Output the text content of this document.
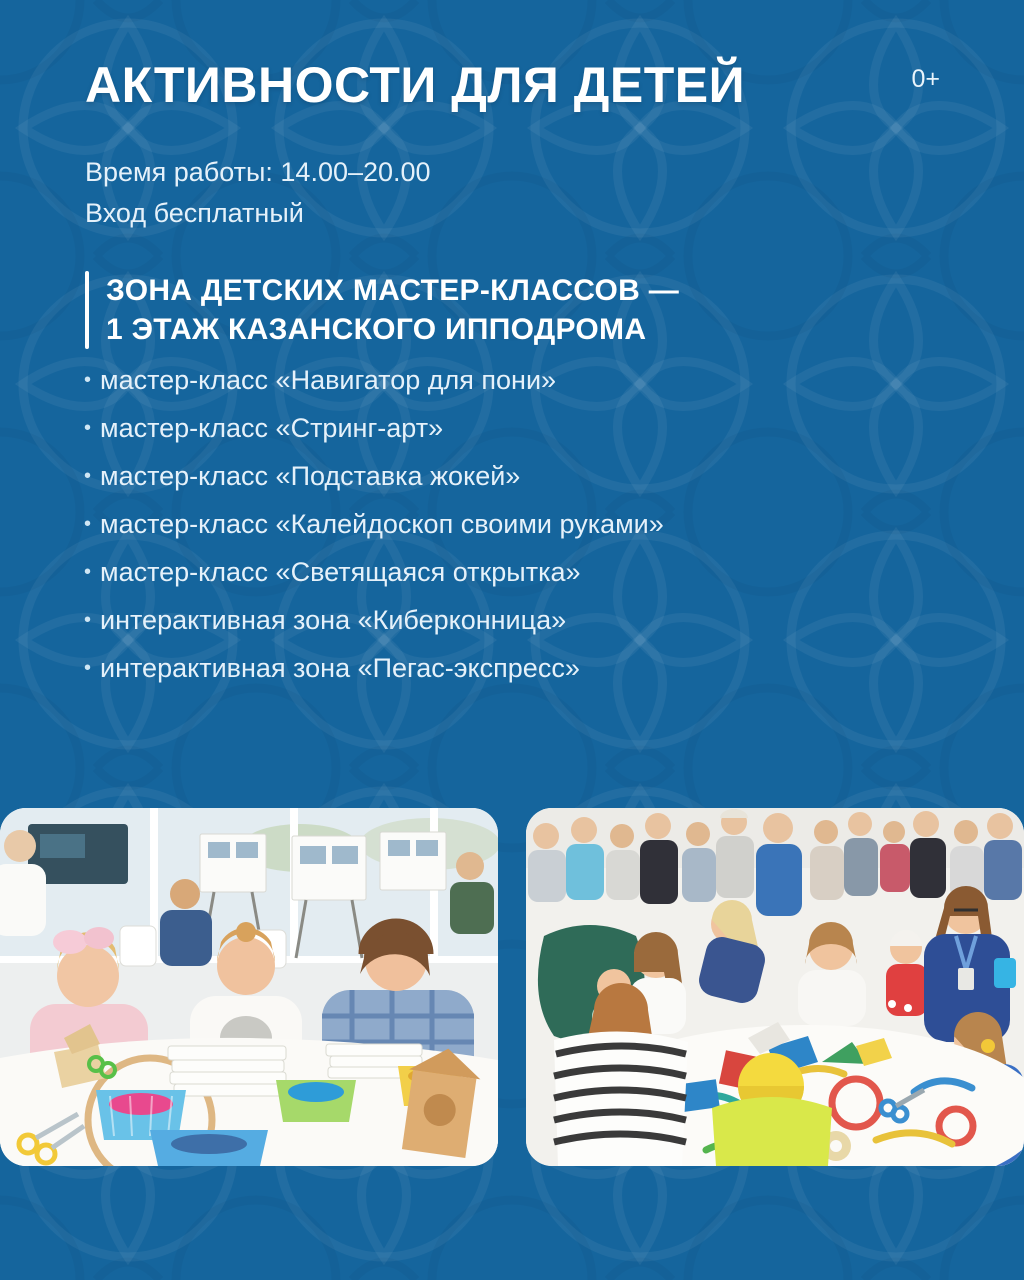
АКТИВНОСТИ ДЛЯ ДЕТЕЙ	0+

Время работы: 14.00–20.00

Вход бесплатный

ЗОНА ДЕТСКИХ МАСТЕР-КЛАССОВ —
1 ЭТАЖ КАЗАНСКОГО ИППОДРОМА
• мастер-класс «Навигатор для пони»
• мастер-класс «Стринг-арт»
• мастер-класс «Подставка жокей»
• мастер-класс «Калейдоскоп своими руками»
• мастер-класс «Светящаяся открытка»
• интерактивная зона «Киберконница»
• интерактивная зона «Пегас-экспресс»
